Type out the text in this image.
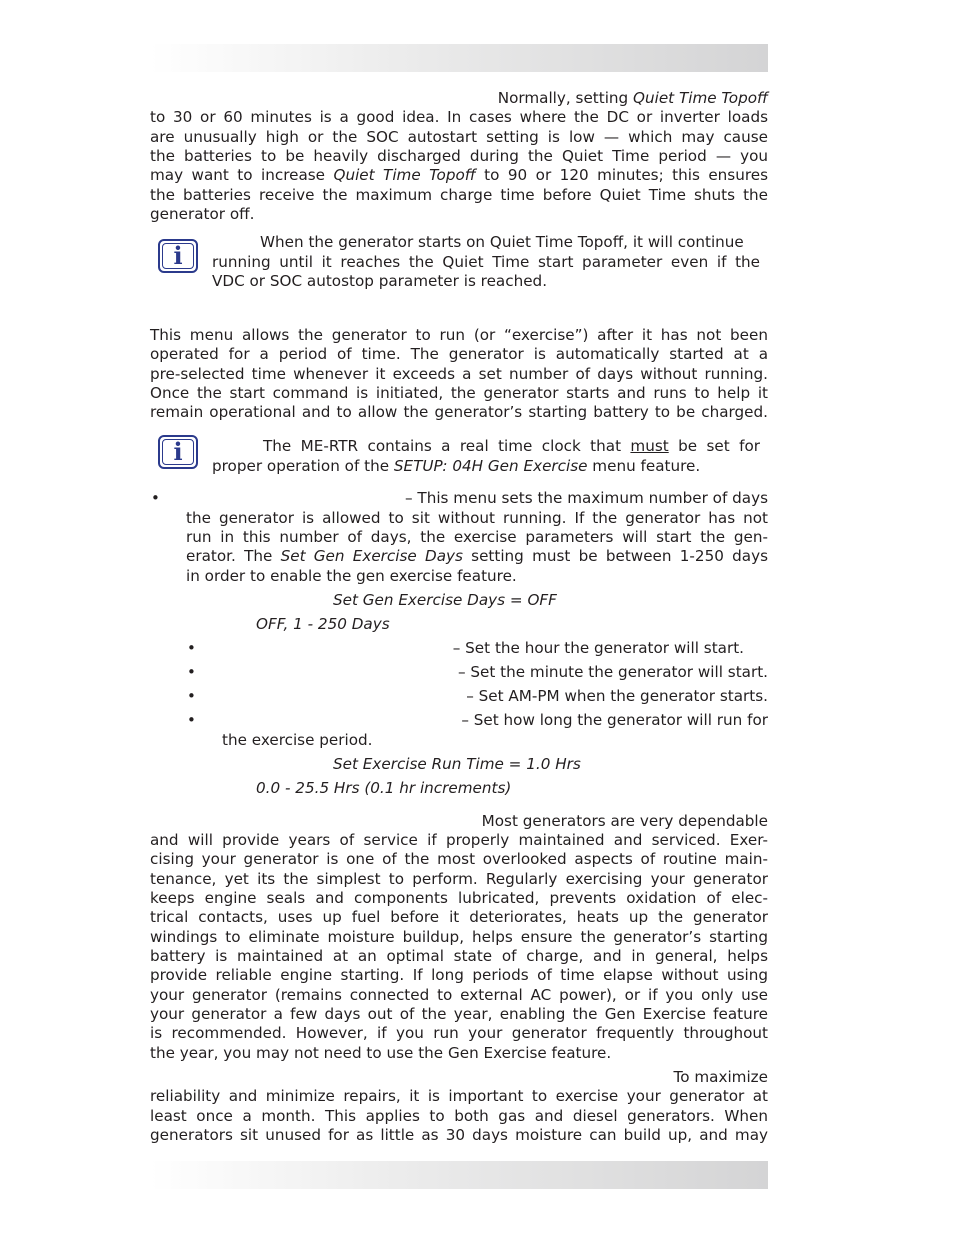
Normally, setting Quiet Time Topoff
to 30 or 60 minutes is a good idea. In cases where the DC or inverter loads
are unusually high or the SOC autostart setting is low — which may cause
the batteries to be heavily discharged during the Quiet Time period — you
may want to increase Quiet Time Topoff to 90 or 120 minutes; this ensures
the batteries receive the maximum charge time before Quiet Time shuts the
generator off.
i	When the generator starts on Quiet Time Topoff, it will continue
running until it reaches the Quiet Time start parameter even if the
VDC or SOC autostop parameter is reached.
This menu allows the generator to run (or “exercise”) after it has not been
operated for a period of time. The generator is automatically started at a
pre-selected time whenever it exceeds a set number of days without running.
Once the start command is initiated, the generator starts and runs to help it
remain operational and to allow the generator’s starting battery to be charged.
i	The ME-RTR contains a real time clock that must be set for
proper operation of the SETUP: 04H Gen Exercise menu feature.
•	– This menu sets the maximum number of days
the generator is allowed to sit without running. If the generator has not
run in this number of days, the exercise parameters will start the gen-
erator. The Set Gen Exercise Days setting must be between 1-250 days
in order to enable the gen exercise feature.
Set Gen Exercise Days = OFF
OFF, 1 - 250 Days
•	– Set the hour the generator will start.
•	– Set the minute the generator will start.
•	– Set AM-PM when the generator starts.
•	– Set how long the generator will run for
the exercise period.
Set Exercise Run Time = 1.0 Hrs
0.0 - 25.5 Hrs (0.1 hr increments)
Most generators are very dependable
and will provide years of service if properly maintained and serviced. Exer-
cising your generator is one of the most overlooked aspects of routine main-
tenance, yet its the simplest to perform. Regularly exercising your generator
keeps engine seals and components lubricated, prevents oxidation of elec-
trical contacts, uses up fuel before it deteriorates, heats up the generator
windings to eliminate moisture buildup, helps ensure the generator’s starting
battery is maintained at an optimal state of charge, and in general, helps
provide reliable engine starting. If long periods of time elapse without using
your generator (remains connected to external AC power), or if you only use
your generator a few days out of the year, enabling the Gen Exercise feature
is recommended. However, if you run your generator frequently throughout
the year, you may not need to use the Gen Exercise feature.
To maximize
reliability and minimize repairs, it is important to exercise your generator at
least once a month. This applies to both gas and diesel generators. When
generators sit unused for as little as 30 days moisture can build up, and may
